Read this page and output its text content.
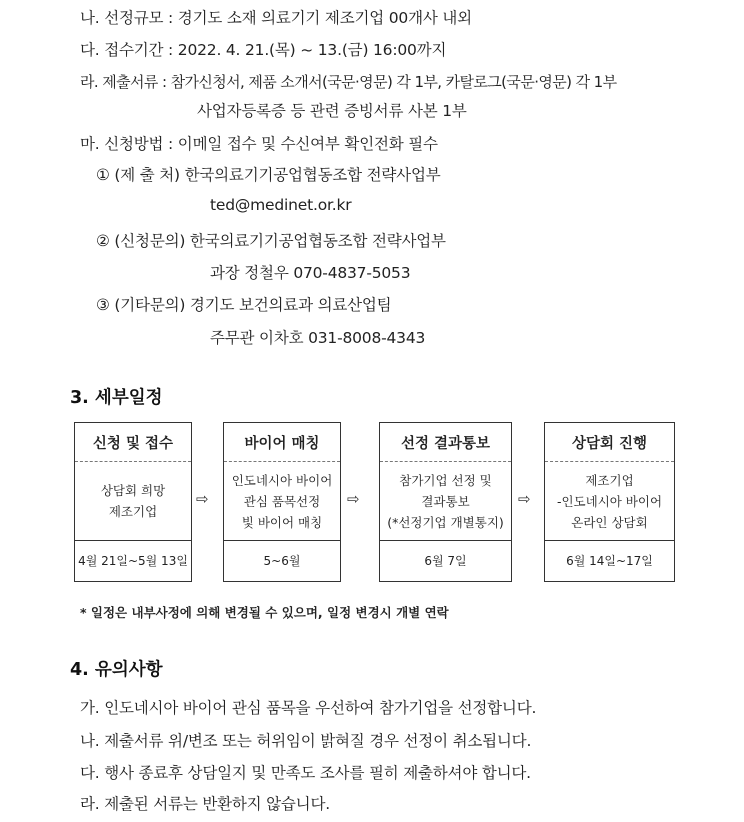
나. 선정규모 : 경기도 소재 의료기기 제조기업 00개사 내외
다. 접수기간 : 2022. 4. 21.(목) ~ 13.(금) 16:00까지
라. 제출서류 : 참가신청서, 제품 소개서(국문·영문) 각 1부, 카탈로그(국문·영문) 각 1부
사업자등록증 등 관련 증빙서류 사본 1부
마. 신청방법 : 이메일 접수 및 수신여부 확인전화 필수
① (제 출 처) 한국의료기기공업협동조합 전략사업부
ted@medinet.or.kr
② (신청문의) 한국의료기기공업협동조합 전략사업부
과장 정철우 070-4837-5053
③ (기타문의) 경기도 보건의료과 의료산업팀
주무관 이차호 031-8008-4343
3. 세부일정
신청 및 접수
상담회 희망
제조기업
4월 21일~5월 13일
⇨
바이어 매칭
인도네시아 바이어
관심 품목선정
빛 바이어 매칭
5~6월
⇨
선정 결과통보
참가기업 선정 및
결과통보
(*선정기업 개별통지)
6월 7일
⇨
상담회 진행
제조기업
-인도네시아 바이어
온라인 상담회
6월 14일~17일
* 일정은 내부사정에 의해 변경될 수 있으며, 일정 변경시 개별 연락
4. 유의사항
가. 인도네시아 바이어 관심 품목을 우선하여 참가기업을 선정합니다.
나. 제출서류 위/변조 또는 허위임이 밝혀질 경우 선정이 취소됩니다.
다. 행사 종료후 상담일지 및 만족도 조사를 필히 제출하셔야 합니다.
라. 제출된 서류는 반환하지 않습니다.
